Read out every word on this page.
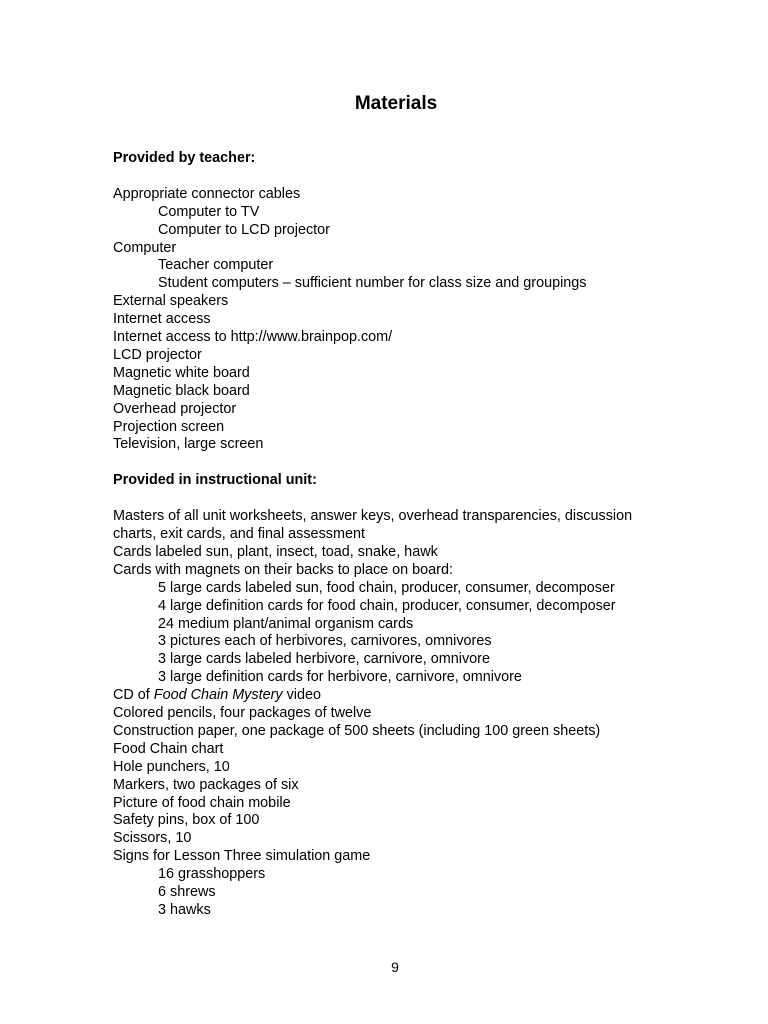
Materials

Provided by teacher:

Appropriate connector cables

Computer to TV

Computer to LCD projector

Computer

Teacher computer

Student computers – sufficient number for class size and groupings

External speakers

Internet access

Internet access to http://www.brainpop.com/

LCD projector

Magnetic white board

Magnetic black board

Overhead projector

Projection screen

Television, large screen

Provided in instructional unit:

Masters of all unit worksheets, answer keys, overhead transparencies, discussion charts, exit cards, and final assessment

Cards labeled sun, plant, insect, toad, snake, hawk

Cards with magnets on their backs to place on board:

5 large cards labeled sun, food chain, producer, consumer, decomposer

4 large definition cards for food chain, producer, consumer, decomposer

24 medium plant/animal organism cards

3 pictures each of herbivores, carnivores, omnivores

3 large cards labeled herbivore, carnivore, omnivore

3 large definition cards for herbivore, carnivore, omnivore

CD of Food Chain Mystery video

Colored pencils, four packages of twelve

Construction paper, one package of 500 sheets (including 100 green sheets)

Food Chain chart

Hole punchers, 10

Markers, two packages of six

Picture of food chain mobile

Safety pins, box of 100

Scissors, 10

Signs for Lesson Three simulation game

16 grasshoppers

6 shrews

3 hawks

9
